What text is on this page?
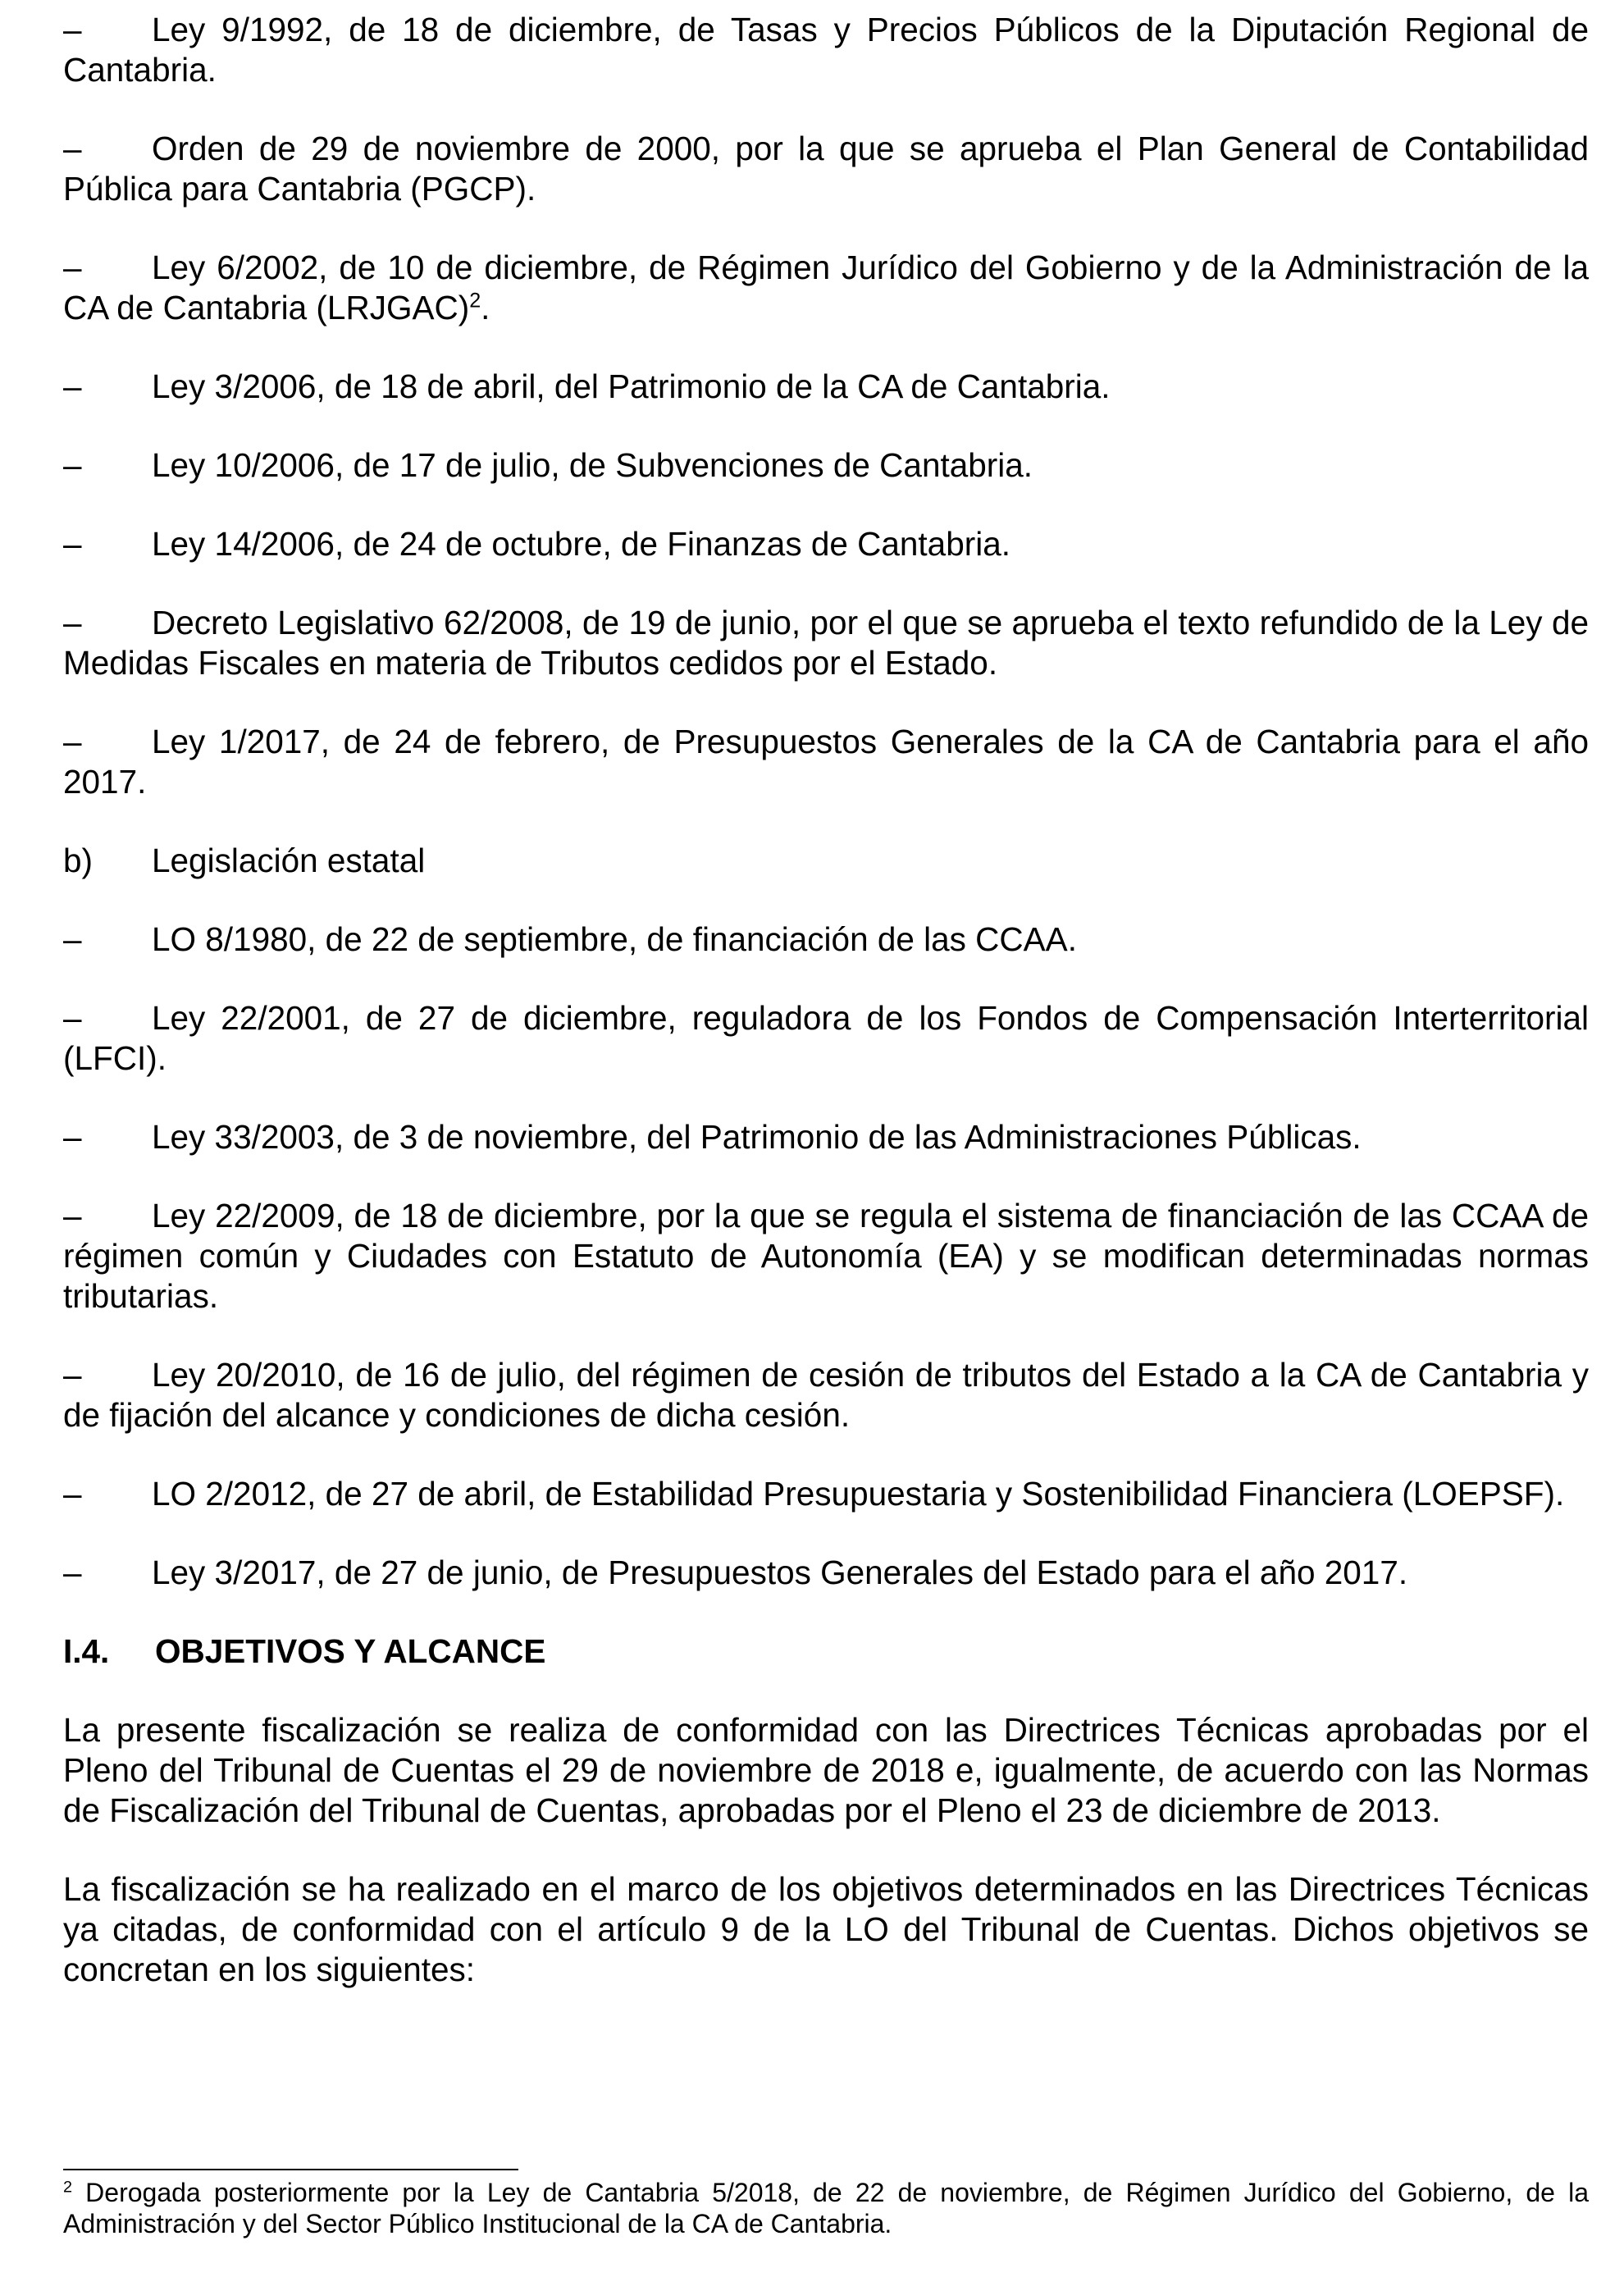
– Ley 9/1992, de 18 de diciembre, de Tasas y Precios Públicos de la Diputación Regional de Cantabria.

– Orden de 29 de noviembre de 2000, por la que se aprueba el Plan General de Contabilidad Pública para Cantabria (PGCP).

– Ley 6/2002, de 10 de diciembre, de Régimen Jurídico del Gobierno y de la Administración de la CA de Cantabria (LRJGAC)$^2$.

– Ley 3/2006, de 18 de abril, del Patrimonio de la CA de Cantabria.

– Ley 10/2006, de 17 de julio, de Subvenciones de Cantabria.

– Ley 14/2006, de 24 de octubre, de Finanzas de Cantabria.

– Decreto Legislativo 62/2008, de 19 de junio, por el que se aprueba el texto refundido de la Ley de Medidas Fiscales en materia de Tributos cedidos por el Estado.

– Ley 1/2017, de 24 de febrero, de Presupuestos Generales de la CA de Cantabria para el año 2017.

b) Legislación estatal

– LO 8/1980, de 22 de septiembre, de financiación de las CCAA.

– Ley 22/2001, de 27 de diciembre, reguladora de los Fondos de Compensación Interterritorial (LFCI).

– Ley 33/2003, de 3 de noviembre, del Patrimonio de las Administraciones Públicas.

– Ley 22/2009, de 18 de diciembre, por la que se regula el sistema de financiación de las CCAA de régimen común y Ciudades con Estatuto de Autonomía (EA) y se modifican determinadas normas tributarias.

– Ley 20/2010, de 16 de julio, del régimen de cesión de tributos del Estado a la CA de Cantabria y de fijación del alcance y condiciones de dicha cesión.

– LO 2/2012, de 27 de abril, de Estabilidad Presupuestaria y Sostenibilidad Financiera (LOEPSF).

– Ley 3/2017, de 27 de junio, de Presupuestos Generales del Estado para el año 2017.

I.4. OBJETIVOS Y ALCANCE

La presente fiscalización se realiza de conformidad con las Directrices Técnicas aprobadas por el Pleno del Tribunal de Cuentas el 29 de noviembre de 2018 e, igualmente, de acuerdo con las Normas de Fiscalización del Tribunal de Cuentas, aprobadas por el Pleno el 23 de diciembre de 2013.

La fiscalización se ha realizado en el marco de los objetivos determinados en las Directrices Técnicas ya citadas, de conformidad con el artículo 9 de la LO del Tribunal de Cuentas. Dichos objetivos se concretan en los siguientes:

$^2$ Derogada posteriormente por la Ley de Cantabria 5/2018, de 22 de noviembre, de Régimen Jurídico del Gobierno, de la Administración y del Sector Público Institucional de la CA de Cantabria.
